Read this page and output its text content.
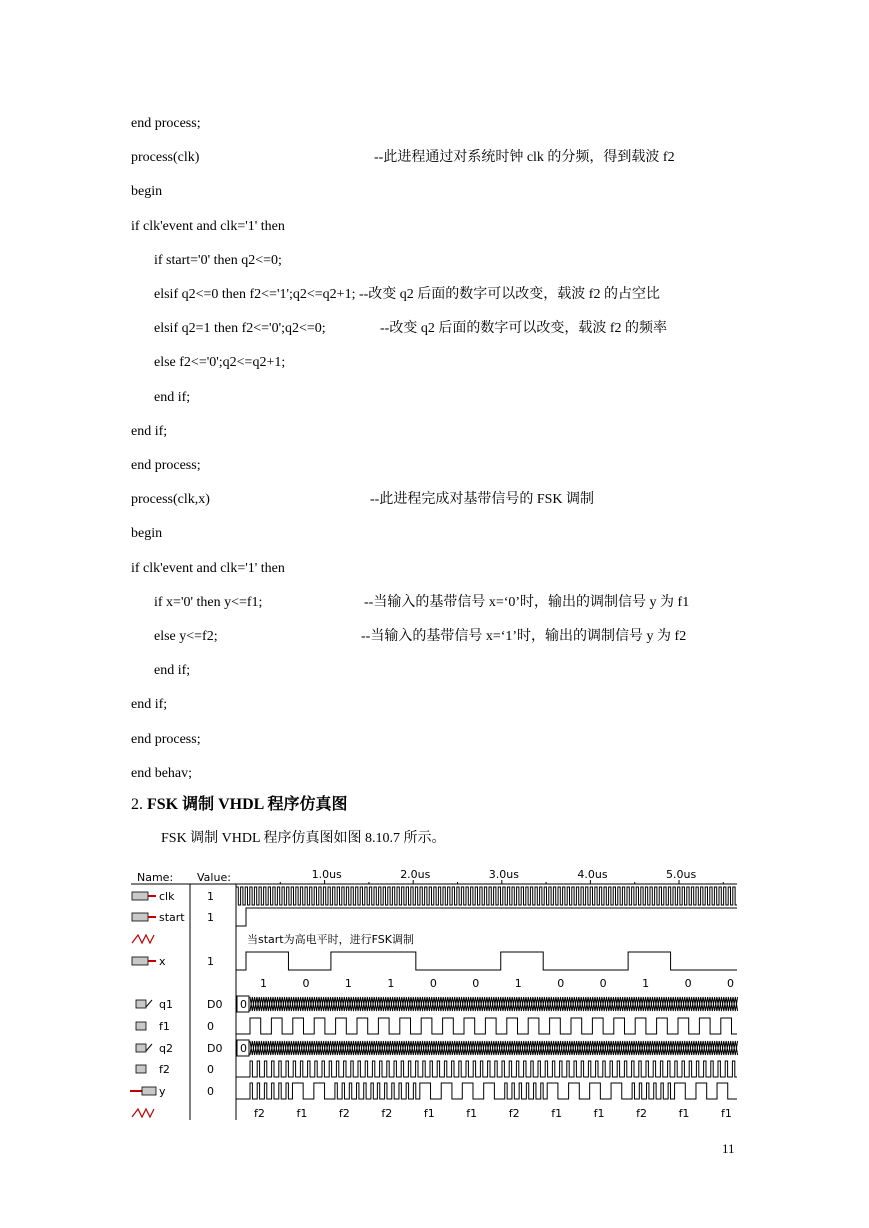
end process;
process(clk)	--此进程通过对系统时钟 clk 的分频，得到载波 f2
begin
if clk'event and clk='1' then
if start='0' then q2<=0;
elsif q2<=0 then f2<='1';q2<=q2+1; --改变 q2 后面的数字可以改变，载波 f2 的占空比
elsif q2=1 then f2<='0';q2<=0;	--改变 q2 后面的数字可以改变，载波 f2 的频率
else f2<='0';q2<=q2+1;
end if;
end if;
end process;
process(clk,x)	--此进程完成对基带信号的 FSK 调制
begin
if clk'event and clk='1' then
if x='0' then y<=f1;	--当输入的基带信号 x=‘0’时，输出的调制信号 y 为 f1
else y<=f2;	--当输入的基带信号 x=‘1’时，输出的调制信号 y 为 f2
end if;
end if;
end process;
end behav;
2. FSK 调制 VHDL 程序仿真图
FSK 调制 VHDL 程序仿真图如图 8.10.7 所示。
Name: Value:	1.0us	2.0us	3.0us	4.0us	5.0us
clk	1
start 1
x	1
q1	D0
f1	0
q2	D0
f2	0
y	0
当start为高电平时，进行FSK调制
1	0	1	1	0	0	1	0	0	1	0	0
0
0
f2	f1	f2	f2	f1	f1	f2	f1	f1	f2	f1	f1
11
